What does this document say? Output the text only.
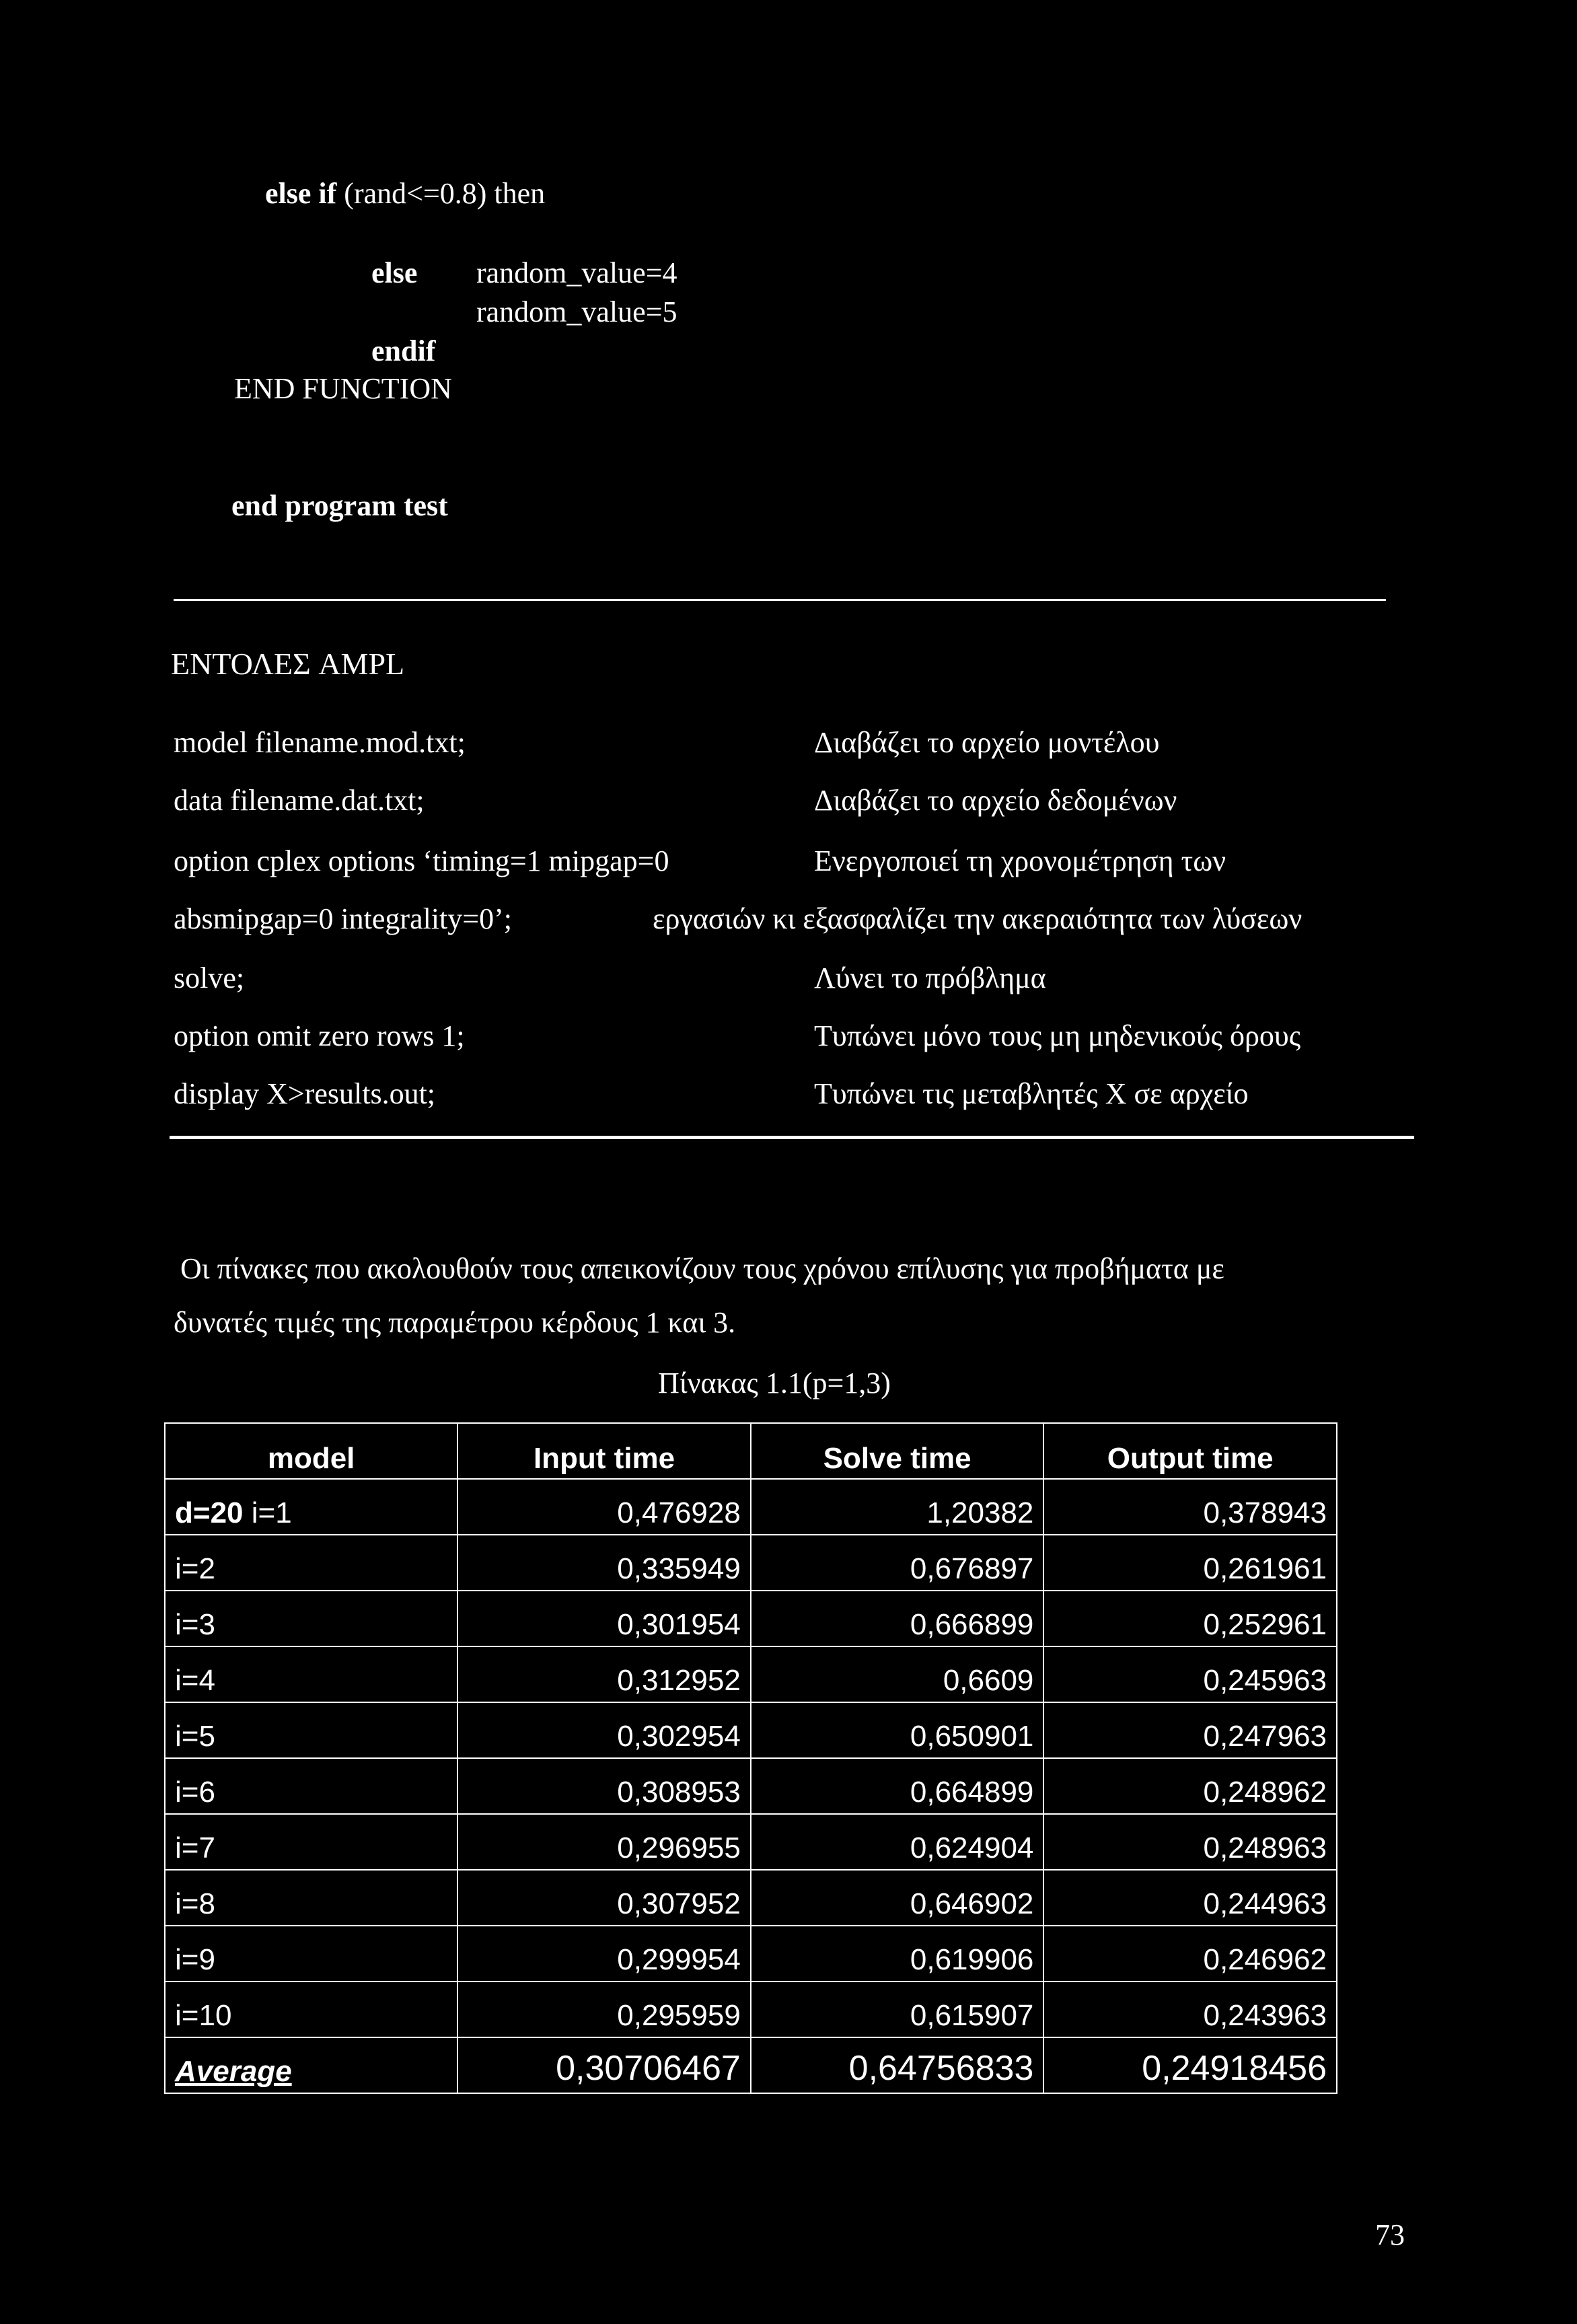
else if (rand<=0.8) then
random_value=4
else
random_value=5
endif
END FUNCTION
end program test
ΕΝΤΟΛΕΣ AMPL
model filename.mod.txt;	Διαβάζει το αρχείο μοντέλου
data filename.dat.txt;	Διαβάζει το αρχείο δεδομένων
option cplex options ‘timing=1 mipgap=0	Ενεργοποιεί τη χρονομέτρηση των
absmipgap=0 integrality=0’;	εργασιών κι εξασφαλίζει την ακεραιότητα των λύσεων
solve;	Λύνει το πρόβλημα
option omit zero rows 1;	Τυπώνει μόνο τους μη μηδενικούς όρους
display X>results.out;	Τυπώνει τις μεταβλητές Χ σε αρχείο
Οι πίνακες που ακολουθούν τους απεικονίζουν τους χρόνου επίλυσης για προβήματα με
δυνατές τιμές της παραμέτρου κέρδους 1 και 3.
Πίνακας 1.1(p=1,3)
model	Input time	Solve time	Output time
d=20 i=1	0,476928	1,20382	0,378943
i=2	0,335949	0,676897	0,261961
i=3	0,301954	0,666899	0,252961
i=4	0,312952	0,6609	0,245963
i=5	0,302954	0,650901	0,247963
i=6	0,308953	0,664899	0,248962
i=7	0,296955	0,624904	0,248963
i=8	0,307952	0,646902	0,244963
i=9	0,299954	0,619906	0,246962
i=10	0,295959	0,615907	0,243963
Average	0,30706467	0,64756833	0,24918456
73
